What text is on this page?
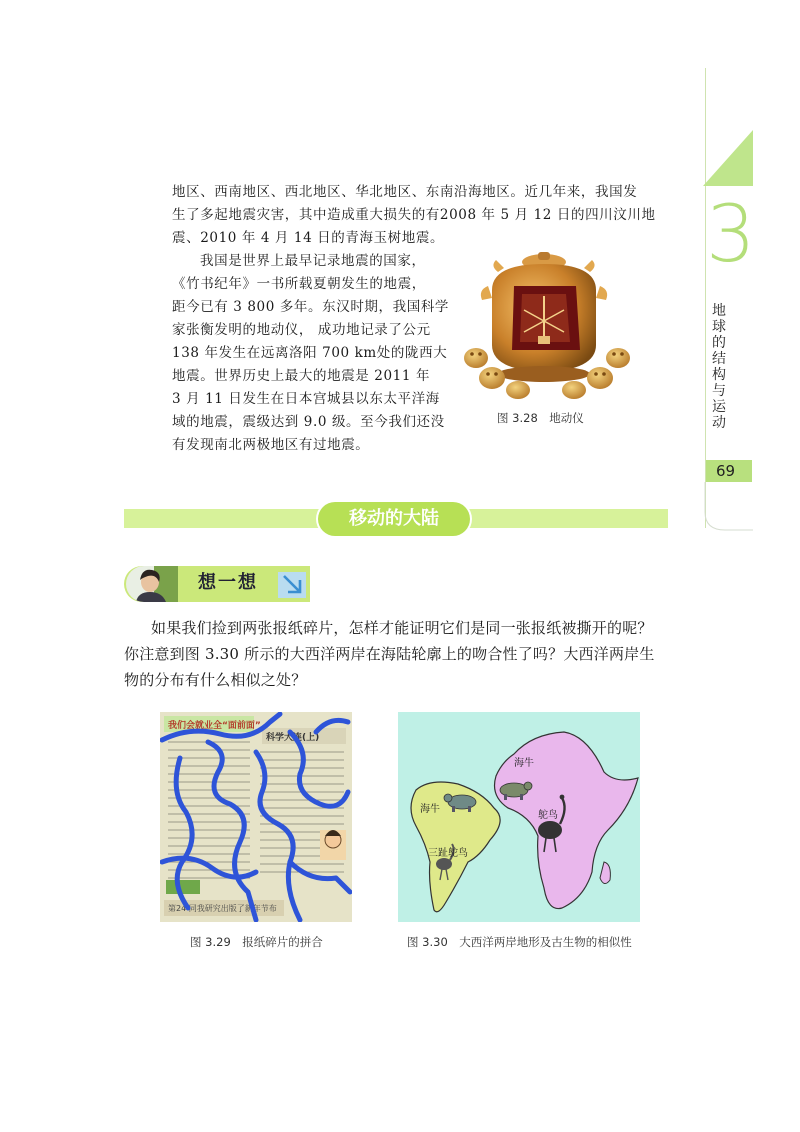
3
地球的结构与运动
69
地区、西南地区、西北地区、华北地区、东南沿海地区。近几年来，我国发
生了多起地震灾害，其中造成重大损失的有2008 年 5 月 12 日的四川汶川地
震、2010 年 4 月 14 日的青海玉树地震。
我国是世界上最早记录地震的国家，
《竹书纪年》一书所载夏朝发生的地震，
距今已有 3 800 多年。东汉时期，我国科学
家张衡发明的地动仪， 成功地记录了公元
138 年发生在远离洛阳 700 km处的陇西大
地震。世界历史上最大的地震是 2011 年
3 月 11 日发生在日本宫城县以东太平洋海
域的地震，震级达到 9.0 级。至今我们还没
有发现南北两极地区有过地震。
图 3.28　地动仪
移动的大陆
想一想
如果我们捡到两张报纸碎片，怎样才能证明它们是同一张报纸被撕开的呢？
你注意到图 3.30 所示的大西洋两岸在海陆轮廓上的吻合性了吗？大西洋两岸生
物的分布有什么相似之处？
我们会就业全“面前面”
科学大连(上)
第24 同我研究出版了新年节布
图 3.29　报纸碎片的拼合
海牛
鸵鸟
海牛
三趾鸵鸟
图 3.30　大西洋两岸地形及古生物的相似性
